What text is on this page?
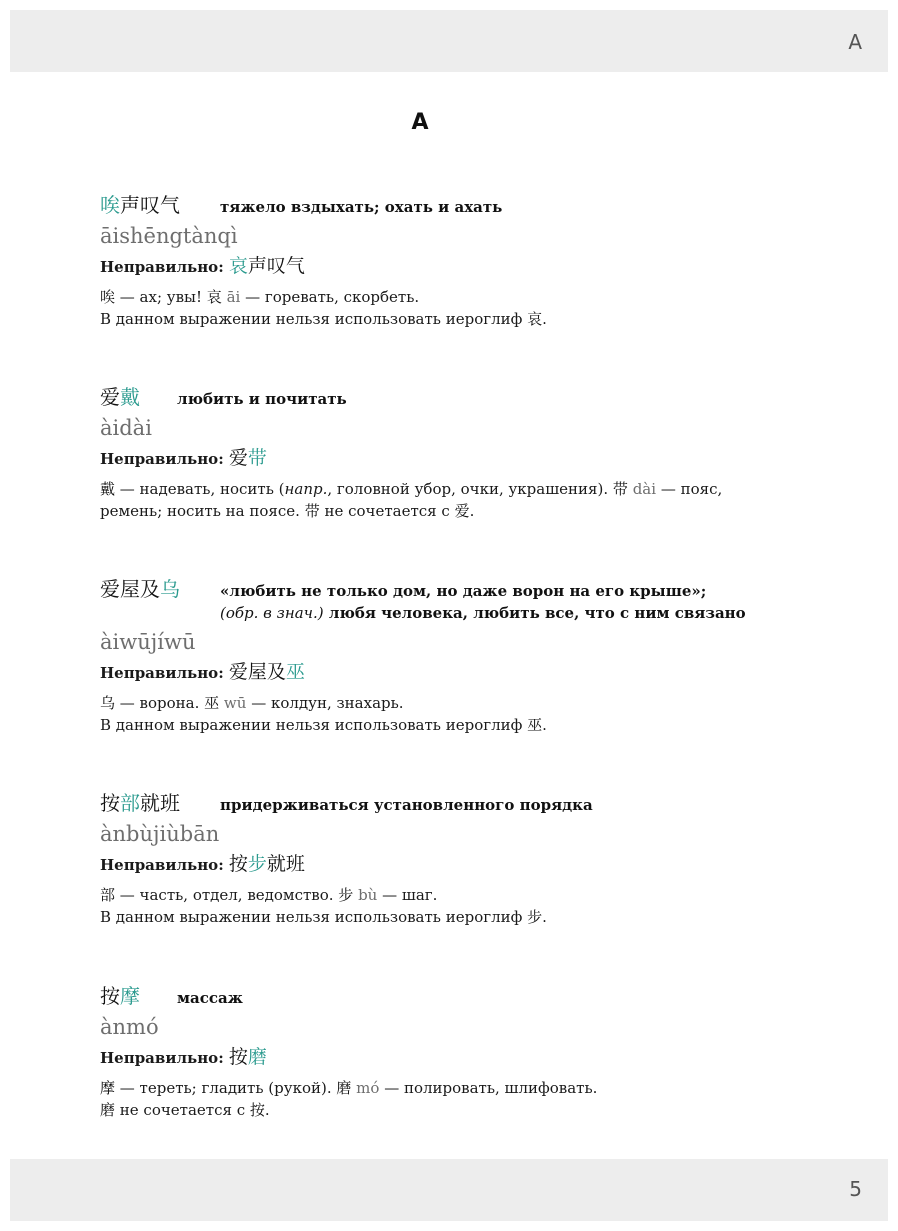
A
A
唉声叹气	тяжело вздыхать; охать и ахать
āishēngtànqì
Неправильно: 哀声叹气
唉 — ах; увы! 哀 āi — горевать, скорбеть.
В данном выражении нельзя использовать иероглиф 哀.
爱戴	любить и почитать
àidài
Неправильно: 爱带
戴 — надевать, носить (напр., головной убор, очки, украшения). 带 dài — пояс,
ремень; носить на поясе. 带 не сочетается с 爱.
爱屋及乌	«любить не только дом, но даже ворон на его крыше»;
(обр. в знач.) любя человека, любить все, что с ним связано
àiwūjíwū
Неправильно: 爱屋及巫
乌 — ворона. 巫 wū — колдун, знахарь.
В данном выражении нельзя использовать иероглиф 巫.
按部就班	придерживаться установленного порядка
ànbùjiùbān
Неправильно: 按步就班
部 — часть, отдел, ведомство. 步 bù — шаг.
В данном выражении нельзя использовать иероглиф 步.
按摩	массаж
ànmó
Неправильно: 按磨
摩 — тереть; гладить (рукой). 磨 mó — полировать, шлифовать.
磨 не сочетается с 按.
5
